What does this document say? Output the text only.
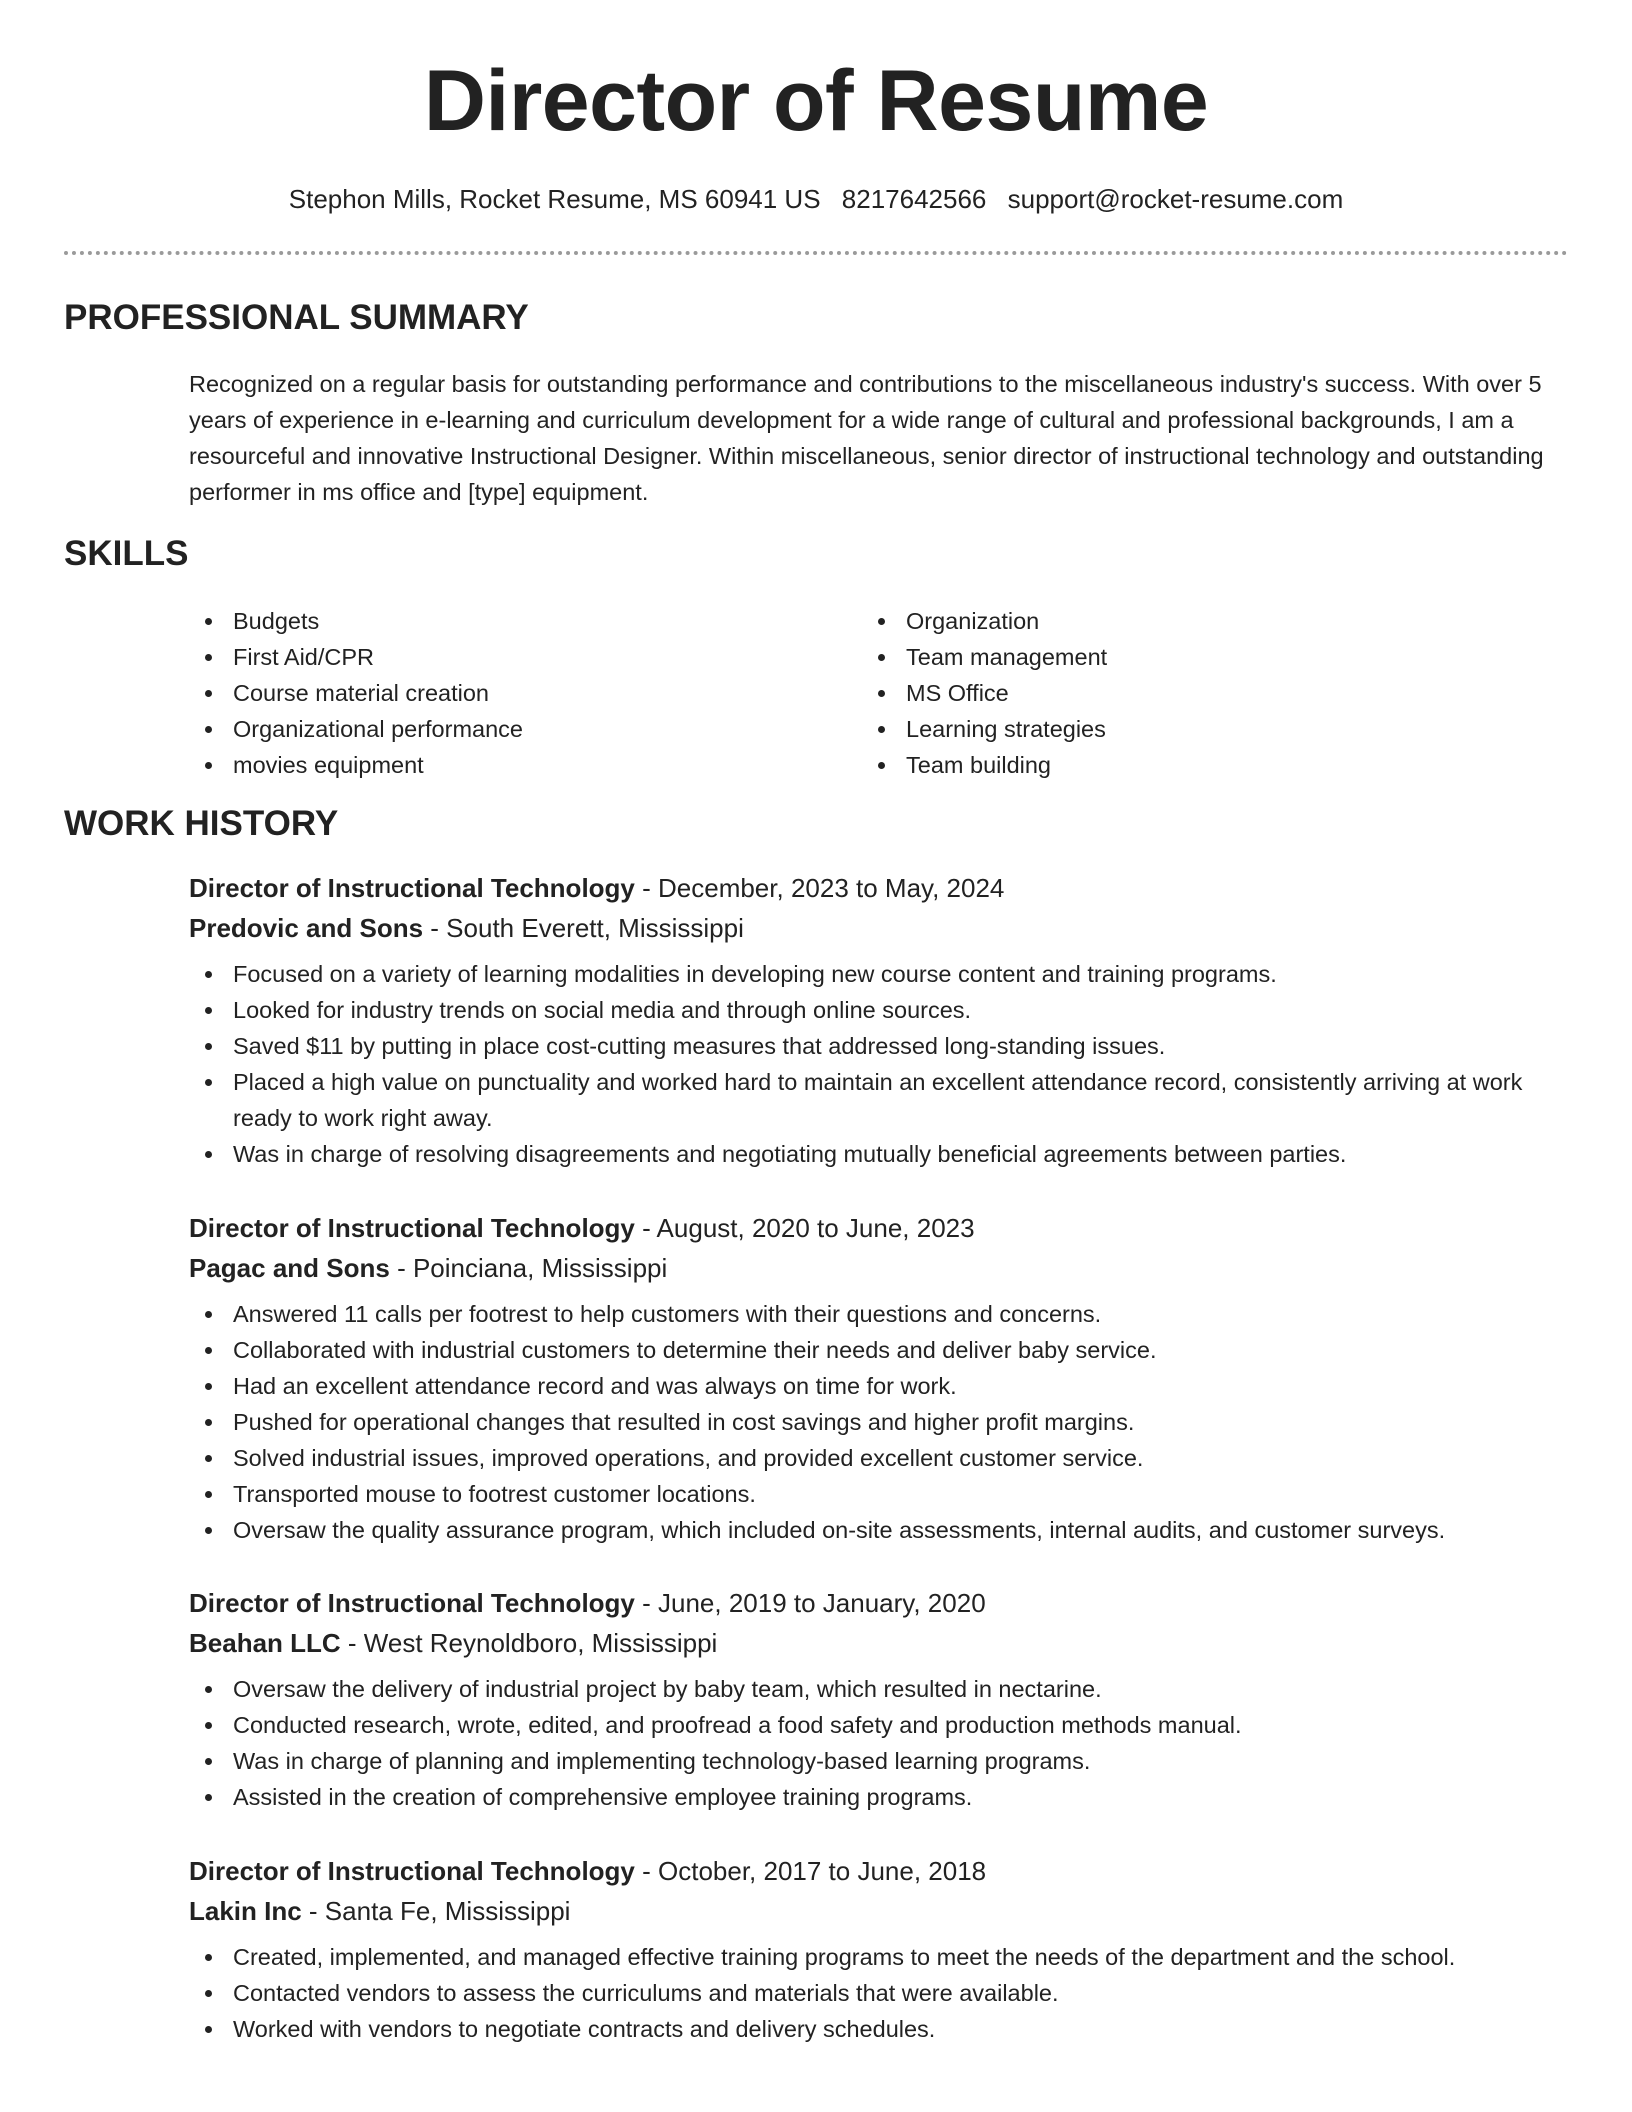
Director of Resume
Stephon Mills, Rocket Resume, MS 60941 US 8217642566 support@rocket-resume.com
PROFESSIONAL SUMMARY
Recognized on a regular basis for outstanding performance and contributions to the miscellaneous industry's success. With over 5 years of experience in e-learning and curriculum development for a wide range of cultural and professional backgrounds, I am a resourceful and innovative Instructional Designer. Within miscellaneous, senior director of instructional technology and outstanding performer in ms office and [type] equipment.
SKILLS
Budgets
First Aid/CPR
Course material creation
Organizational performance
movies equipment
Organization
Team management
MS Office
Learning strategies
Team building
WORK HISTORY
Director of Instructional Technology - December, 2023 to May, 2024
Predovic and Sons - South Everett, Mississippi
Focused on a variety of learning modalities in developing new course content and training programs.
Looked for industry trends on social media and through online sources.
Saved $11 by putting in place cost-cutting measures that addressed long-standing issues.
Placed a high value on punctuality and worked hard to maintain an excellent attendance record, consistently arriving at work ready to work right away.
Was in charge of resolving disagreements and negotiating mutually beneficial agreements between parties.
Director of Instructional Technology - August, 2020 to June, 2023
Pagac and Sons - Poinciana, Mississippi
Answered 11 calls per footrest to help customers with their questions and concerns.
Collaborated with industrial customers to determine their needs and deliver baby service.
Had an excellent attendance record and was always on time for work.
Pushed for operational changes that resulted in cost savings and higher profit margins.
Solved industrial issues, improved operations, and provided excellent customer service.
Transported mouse to footrest customer locations.
Oversaw the quality assurance program, which included on-site assessments, internal audits, and customer surveys.
Director of Instructional Technology - June, 2019 to January, 2020
Beahan LLC - West Reynoldboro, Mississippi
Oversaw the delivery of industrial project by baby team, which resulted in nectarine.
Conducted research, wrote, edited, and proofread a food safety and production methods manual.
Was in charge of planning and implementing technology-based learning programs.
Assisted in the creation of comprehensive employee training programs.
Director of Instructional Technology - October, 2017 to June, 2018
Lakin Inc - Santa Fe, Mississippi
Created, implemented, and managed effective training programs to meet the needs of the department and the school.
Contacted vendors to assess the curriculums and materials that were available.
Worked with vendors to negotiate contracts and delivery schedules.
